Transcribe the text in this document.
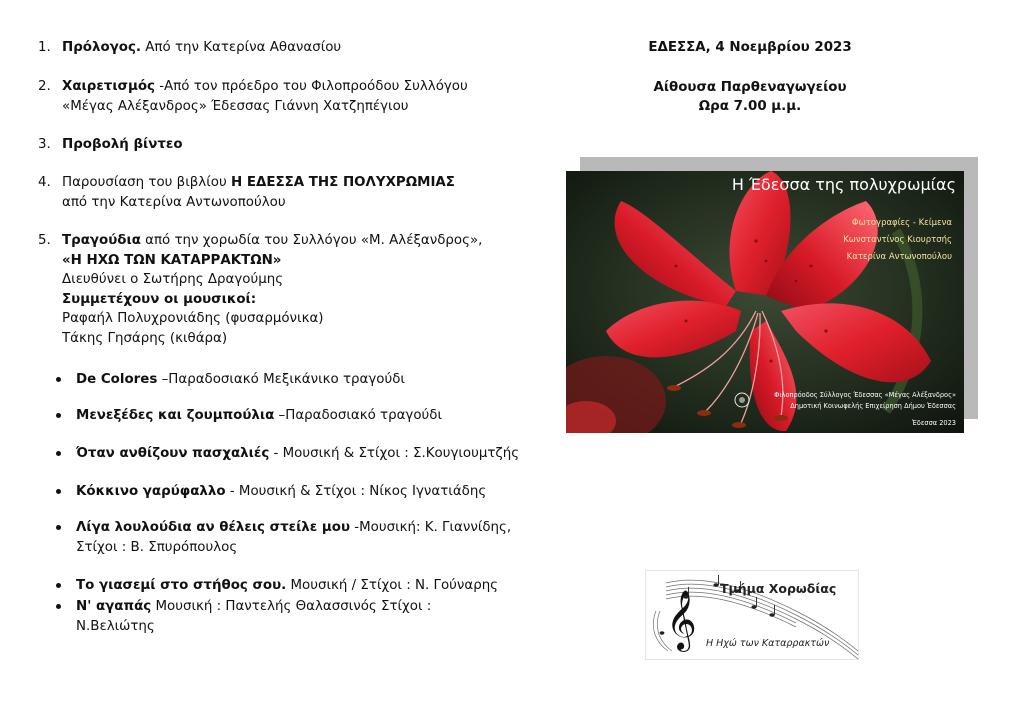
1. Πρόλογος. Από την Κατερίνα Αθανασίου
2. Χαιρετισμός -Από τον πρόεδρο του Φιλοπροόδου Συλλόγου
«Μέγας Αλέξανδρος» Έδεσσας Γιάννη Χατζηπέγιου
3. Προβολή βίντεο
4. Παρουσίαση του βιβλίου Η ΕΔΕΣΣΑ ΤΗΣ ΠΟΛΥΧΡΩΜΙΑΣ
από την Κατερίνα Αντωνοπούλου
5. Τραγούδια από την χορωδία του Συλλόγου «Μ. Αλέξανδρος»,
«Η ΗΧΩ ΤΩΝ ΚΑΤΑΡΡΑΚΤΩΝ»
Διευθύνει ο Σωτήρης Δραγούμης
Συμμετέχουν οι μουσικοί:
Ραφαήλ Πολυχρονιάδης (φυσαρμόνικα)
Τάκης Γησάρης (κιθάρα)
De Colores –Παραδοσιακό Μεξικάνικο τραγούδι
Μενεξέδες και ζουμπούλια –Παραδοσιακό τραγούδι
Όταν ανθίζουν πασχαλιές - Μουσική & Στίχοι : Σ.Κουγιουμτζής
Κόκκινο γαρύφαλλο - Μουσική & Στίχοι : Νίκος Ιγνατιάδης
Λίγα λουλούδια αν θέλεις στείλε μου -Μουσική: Κ. Γιαννίδης,
Στίχοι : Β. Σπυρόπουλος
Το γιασεμί στο στήθος σου. Μουσική / Στίχοι : Ν. Γούναρης
Ν' αγαπάς Μουσική : Παντελής Θαλασσινός Στίχοι :
Ν.Βελιώτης
ΕΔΕΣΣΑ, 4 Νοεμβρίου 2023
Αίθουσα Παρθεναγωγείου
Ωρα 7.00 μ.μ.
Η Έδεσσα της πολυχρωμίας
Φωτογραφίες - Κείμενα
Κωνσταντίνος Κιουρτσής
Κατερίνα Αντωνοπούλου
Φιλοπρόοδος Σύλλογος Έδεσσας «Μέγας Αλέξανδρος»
Δημοτική Κοινωφελής Επιχείρηση Δήμου Έδεσσας
Έδεσσα 2023
𝄞
Τμήμα Χορωδίας
Η Ηχώ των Καταρρακτών
